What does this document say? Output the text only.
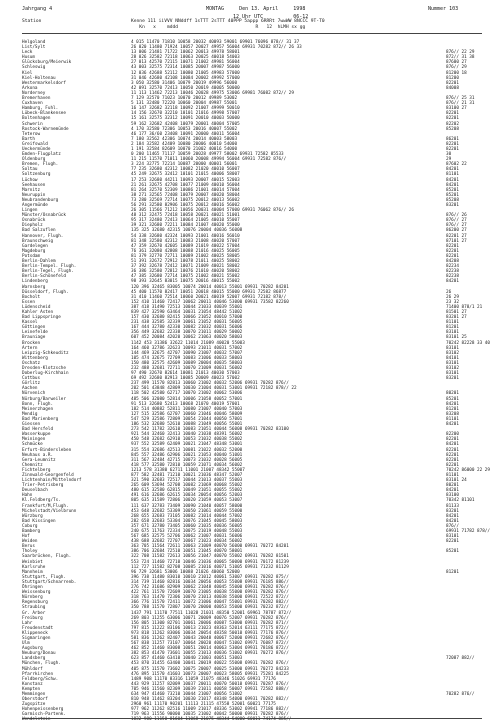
Jahrgang 4	MONTAG     Den 13. April     1998	Nummer 103
12 Uhr UTC          06-12

Station

	Kenne 111 iiVVV NNddff 1sTTT 2sTTT 40PPP 5appp 6RRRt 7wwWW 8NCCC 9T-T0

Kn   x    mddd                            R   12  hLMH sx gg

Helgoland	4 015 11470 71810 10058 20032 40093 59001 69901 76096 878// 31 37
List/Sylt	26 020 11480 71924 10057 20027 49957 56004 69931 70282 872// 26 33
Leck	13 006 21481 71722 10062 20013 49978 58001	876// 22 29
Husum	28 026 32582 72118 10063 20025 40018 54003	872// 31 38
Glücksburg/Meierwik	27 013 42570 72115 10071 21002 49981 56004	87600 27
Schleswig	43 003 32575 72314 10085 20007 49987 56000	876// 29
Kiel	12 036 42688 52112 10080 21005 49983 57000	81200 18
Kiel-Holtenau	31 046 42680 42108 10084 20002 49992 57000	81200
Westermarkelsdorf	3 050 32580 31406 10079 20019 49996 56000	82201
Arkona	42 091 32570 72413 10050 20019 40005 50000	84008
Norderney	11 113 11462 72213 10046 20028 49975 53006 69981 76082 872// 29
Bremerhaven	7 129 32570 71023 10070 20012 49989 53002	876// 25 31
Cuxhaven	5 131 32480 72220 10060 20004 49987 55001	876// 21 31
Hamburg, Fuhl.	16 147 32682 32118 10092 21007 49999 50010	83100 27
Lübeck-Blankensee	14 156 32670 32210 10101 21016 49998 57007	82201
Boltenhagen	15 161 32575 32312 10091 20010 40003 50000	82201
Schwerin	59 162 32682 42408 10079 20001 40004 57005	82202
Rostock-Warnemünde	4 170 32580 72306 10053 20016 40007 55002	85208
Teterow	46 177 36/60 23408 10091 20000 40011 56004
Barth	7 180 32562 42306 10074 20014 40003 58003	86201
Greifswald	2 184 32582 42409 10080 20006 40010 54000	82201
Ueckermünde	1 191 32584 82609 10070 21002 40016 54000	82201
Emden-Flugplatz	0 200 11465 71117 10059 20028 49977 58002 69931 72582 85533	30
Oldenburg	11 215 11570 71011 10060 20008 49994 56004 69931 72582 876//	29
Bremen, Flugh.	3 224 32775 72214 10087 20000 40001 56001	87602 22
Soltau	77 235 32680 42312 10082 21020 40010 56007	84201
Soltzenburg	45 249 32675 32412 10101 21015 40006 58007	81101
Lüchow	17 253 32680 44211 10093 20007 40015 52003	84201
Seehausen	21 261 32675 42708 10077 21009 40010 56004	84201
Marnitz	81 264 32570 52309 10086 21001 40014 57004	85201
Neuruppin	38 271 32565 72408 10079 20007 40020 58004	85201
Neubrandenburg	73 280 32569 72714 10075 20012 40013 56002	85208
Angermünde	56 291 32580 82906 10075 20012 40016 56002	83201
Lingen	26 305 11566 71212 10056 20031 40004 57000 69931 76062 876// 26
Münster/Osnabrück	48 312 32475 72418 10058 20021 40021 51001	876// 26
Osnabrück	95 317 32480 72413 10064 21005 40010 55007	876// 27
Diepholz	39 321 32680 72211 10084 21007 40020 55000	876// 27
Bad Salzuflen	135 325 32680 42315 10076 20004 40036 56008	86200 27
Hannover, Flugh.	54 338 32680 42324 10093 21001 40016 56010	82201 27
Braunschweig	81 348 32580 42312 10083 21008 40020 57007	87101 27
Gardelegen	47 359 32670 42605 10089 21019 40022 57004	82201
Magdeburg	76 361 32080 42808 10088 21016 40025 56005	82201
Potsdam	81 379 32770 72711 10089 21002 40025 58005	82201
Berlin-Dahlem	51 391 32672 72912 10078 21011 40025 58002	84208
Berlin-Tempel. Flugh.	37 392 32678 72412 10071 21009 40021 58002	82234
Berlin-Tegel, Flugh.	36 386 32580 72812 10076 21010 40020 58002	82238
Berlin-Schönefeld	47 385 32680 72714 10075 21002 40021 55002	82238
Lindenberg	98 393 32645 83015 10075 20016 40015 55002	84201
Warnsberg	120 396 32465 83005 10074 20014 40013 55001 69931 70282 84201
Düsseldorf, Flugh.	45 400 11570 82417 10051 20018 40015 55000 69931 72582 86877	26
Bocholt	31 410 11460 72514 10060 20021 40019 52007 69931 72182 878//	26 29
Essen	152 410 11460 72417 10062 20011 40046 53000 69931 73582 82260	23 32
Lüdenscheid	387 418 31490 72513 10044 21033 40039 55001	71400 878/1 21
Kahler Asten	839 427 32590 63464 10031 21054 48442 51002	81501 27
Bad Lippspringe	157 430 32680 82415 10066 21052 40010 57000	83201 27
Kassel	231 438 32585 32339 10061 21052 40031 56005	81101
Göttingen	167 444 32780 42330 10082 21032 40031 56006	81201
Leinefelde	356 449 32682 22338 10070 21011 40029 50002	83101
Brauniage	607 452 20084 42020 10062 21063 40020 58003	83101 25
Brocken	1142 453 31386 32622 11014 21089 40020 55003	70242 82228 33 40
Artern	164 460 32786 32623 10093 21011 40031 57002	83101
Leipzig-Schkeuditz	144 469 32675 42707 10090 21007 40032 57007	83102
Wittenberg	105 474 32675 72709 10083 21006 40033 58003	84101
Oschatz	150 480 32575 42609 10089 20004 40035 58003	83101
Dresden-Klotzsche	232 488 32681 72711 10070 21009 40031 56002	83102
Doberlug-Kirchhain	97 490 32670 82614 10081 21013 40030 57003	83101
Cottbus	69 492 32680 82913 10085 20009 40023 57002	83201
Görlitz	237 499 11570 82813 10060 21002 40032 52006 69931 70282 876//
Aachen	202 501 43848 42809 10030 21004 40031 53001 69931 72182 878// 22
Nürvenich	118 502 42580 62717 10070 21002 40062 53006	80201
Nürburg/Barweiler	485 506 32080 52814 10006 21058 40052 57001	85201
Bonn, Flugh.	91 513 32680 52413 10068 21070 40019 57001	84201
Meinerzhagen	182 514 40882 52811 10080 21007 40040 57003	81201
Mendig	127 515 32586 62707 10060 21046 40046 58009	83208
Bad Marienberg	547 529 32586 72809 10054 21044 40050 57001	81101
Giessen	186 532 32680 52610 10088 21049 40056 55001	84201
Bad Hersfeld	273 542 11782 32610 10083 21051 40044 56008 69931 70282 83100
Wasserkuppe	921 544 32460 32413 10040 21038 48391 56002	82200
Meiningen	450 548 32682 62910 10053 21032 40038 55002	82201
Schmücke	937 552 32589 62409 10021 21047 48348 53001	84201
Erfurt-Bindersleben	315 554 32686 42513 10081 21022 40032 52000	82201
Neuhaus a.R.	845 557 32486 62906 10021 21053 40040 51001	82201
Gera-Leumnitz	311 567 32484 42715 10073 21032 40028 56005	82201
Chemnitz	418 577 32580 72810 10059 21071 40034 56002	82201
Fichtelberg	1213 578 31380 62711 11001 21007 48342 55007	70242 86000 22 29
Zinnwald-Georgenfeld	877 582 32481 71210 10021 21036 48347 52007	81101
Lichtenhain/Mittelndorf	321 590 32683 72517 10044 21013 40037 55003	83101 24
Trier-Petrisberg	265 609 53694 52708 10082 21069 40068 55002	80201
Deuselbach	480 615 32580 62815 10049 21051 40055 55002	84201
Hahn	491 616 32686 62615 10034 20054 40056 52003	83100
Kl.Feldberg/Ts.	805 635 31589 72806 10020 21059 40053 53007	70342 81101
Frankfurt/M,Flugh.	111 637 32783 73409 10090 21040 40057 58000	81133
Michelstadt/Vielbrunn	453 648 32682 53309 10050 21061 40059 55000	83201
Würzburg	268 655 32683 73105 10082 21014 40044 57002	84201
Bad Kissingen	282 658 32683 53304 10076 21045 40045 58003	84201
Coburg	357 671 32780 73405 10060 21035 40036 56005	876//
Bamberg	240 675 11763 72334 10075 21019 40048 55003	69931 71782 878//
Hof	567 685 32575 52706 10062 21007 40031 56006	83101
Weiden	438 688 32682 72707 10067 21023 40034 56002	82201
Berus	363 705 11564 72611 10063 21009 40070 56000 69931 70272 84201
Tholey	386 706 32684 72510 10051 21045 40070 58001	85201
Saarbrücken, Flugh.	322 708 11582 72613 10056 21047 40070 55002 69931 70282 81501
Weinbiet	553 724 11460 72710 10046 21036 40065 50000 69931 70172 81239
Karlsruhe	112 727 11582 82708 10085 21016 40071 51005 69931 71232 81129
Mannheim	96 729 32681 53006 10088 21026 40060 52000	81201
Stuttgart, Flugh.	396 738 11480 83010 10010 21012 40061 53007 69931 70282 875//
Stuttgart/Schnarrenb.	314 739 11460 82816 10034 20056 40053 55008 69931 76185 886//
Öhringen	276 742 31686 82909 10062 21048 40045 55000 69931 70282 876//
Weissenburg	422 761 11570 72609 10070 21005 40038 55000 69931 70282 876//
Nürnberg	318 763 11470 72306 10070 21013 40038 55000 69931 72522 872//
Regensburg	366 776 11570 72411 10072 21006 40047 55001 69931 70282 882//
Straubing	350 788 11570 72807 10070 20000 40053 55000 69931 70232 872//
Gr. Arber	1437 791 11170 77511 11028 21031 48350 52001 69961 78787 872//
Freiburg	269 803 11255 63006 10071 20009 40076 52007 69931 70282 876//
Lahr	156 805 11300 82701 10061 20006 40087 53000 69931 70282 871//
Freudenstadt	797 815 11222 83106 10013 21023 48363 52014 63111 77175 872//
Klippeneck	973 818 11262 83006 10034 20054 48358 50010 69931 77176 876//
Sigmaringen	581 836 11262 82407 10043 20048 40067 52000 69931 72682 876//
Ulm	567 838 11257 73107 10064 20020 40047 51002 69971 76087 872//
Augsburg	462 852 11460 83008 10051 20014 40063 53004 69931 78186 872//
Neuburg/Donau	382 853 41470 73601 10055 21013 40036 51002 69931 70272 876//
Landsberg	623 857 41460 63410 10040 21003 40051 53003	72087 882//
München, Flugh.	453 870 31455 63400 10041 20019 40022 55008 69931 70282 876//
Mühldorf	405 875 11570 73602 10075 20007 40025 53000 69931 70272 84233
Pfarrkirchen	476 895 11570 41603 10073 20007 40023 58005 69931 75281 84225
Feldberg/Schw.	1489 908 11170 83316 11059 21075 48346 51026 69931 77176
Konstanz	443 929 11257 82009 10037 20011 40070 50010 69931 70287 876//
Kempten	705 946 11560 82309 10039 21011 40058 50007 69931 72582 888//
Memmingen	634 947 41460 73210 10044 21007 40056 51002	70282 876//
Oberstdorf	810 948 11462 83204 10030 21017 48348 54000 69931 70282 882//
Zugspitze	2960 961 11170 90201 11113 21115 47558 52001 60021 77175
Hohenpeissenberg	977 962 11262 82516 11009 21017 48336 53002 69941 77186 882//
Garmisch-Partenk.	719 963 11556 90000 10035 21002 40042 50000 69931 70282 876//
Wendelstein	1832 980 11150 81604 11068 21075 48344 54000 60011 74174 885//
